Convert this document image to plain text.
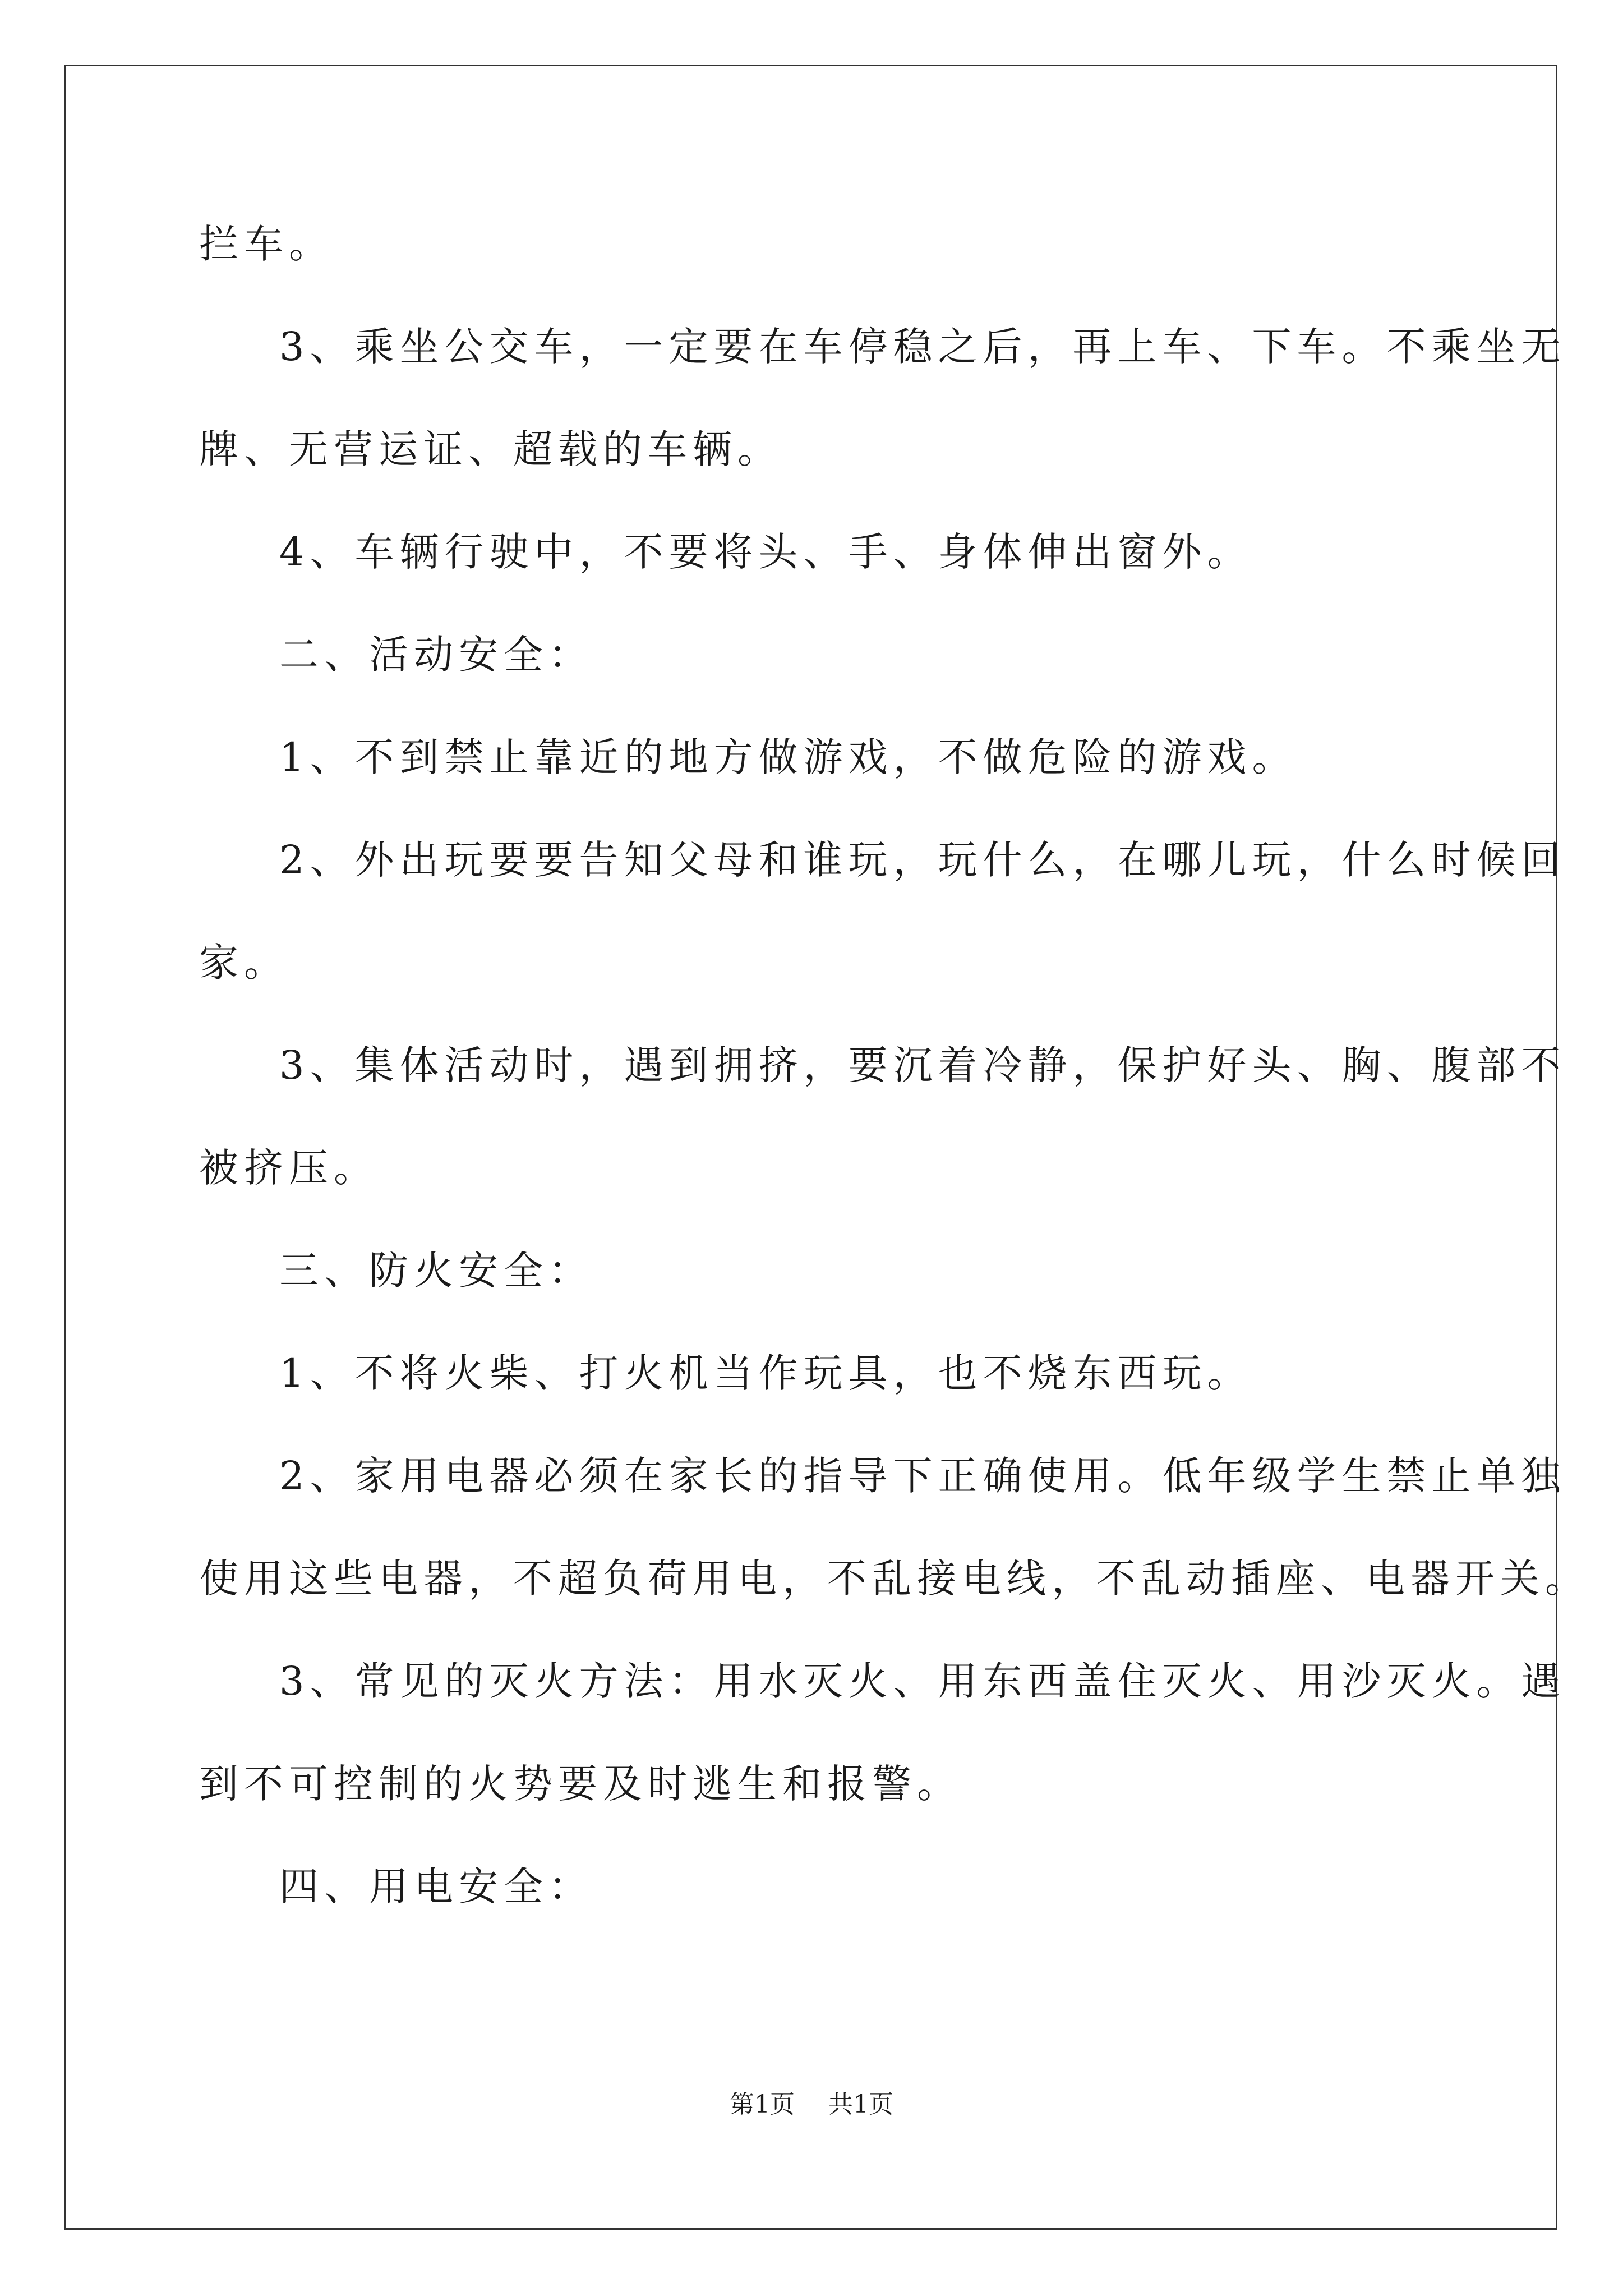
拦车。
3、乘坐公交车，一定要在车停稳之后，再上车、下车。不乘坐无
牌、无营运证、超载的车辆。
4、车辆行驶中，不要将头、手、身体伸出窗外。
二、活动安全：
1、不到禁止靠近的地方做游戏，不做危险的游戏。
2、外出玩要要告知父母和谁玩，玩什么，在哪儿玩，什么时候回
家。
3、集体活动时，遇到拥挤，要沉着冷静，保护好头、胸、腹部不
被挤压。
三、防火安全：
1、不将火柴、打火机当作玩具，也不烧东西玩。
2、家用电器必须在家长的指导下正确使用。低年级学生禁止单独
使用这些电器，不超负荷用电，不乱接电线，不乱动插座、电器开关。
3、常见的灭火方法：用水灭火、用东西盖住灭火、用沙灭火。遇
到不可控制的火势要及时逃生和报警。
四、用电安全：
第1页 共1页
